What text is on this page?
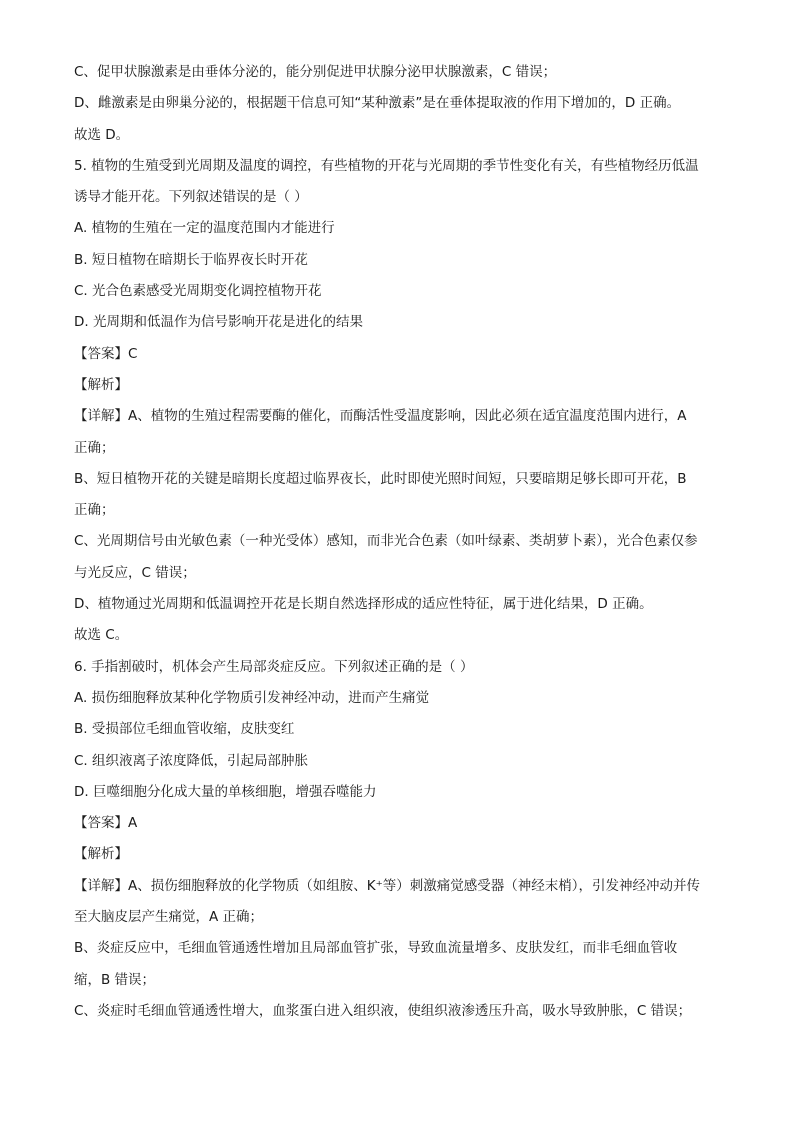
C、促甲状腺激素是由垂体分泌的，能分别促进甲状腺分泌甲状腺激素，C 错误；
D、雌激素是由卵巢分泌的，根据题干信息可知“某种激素”是在垂体提取液的作用下增加的，D 正确。
故选 D。
5. 植物的生殖受到光周期及温度的调控，有些植物的开花与光周期的季节性变化有关，有些植物经历低温
诱导才能开花。下列叙述错误的是（ ）
A. 植物的生殖在一定的温度范围内才能进行
B. 短日植物在暗期长于临界夜长时开花
C. 光合色素感受光周期变化调控植物开花
D. 光周期和低温作为信号影响开花是进化的结果
【答案】C
【解析】
【详解】A、植物的生殖过程需要酶的催化，而酶活性受温度影响，因此必须在适宜温度范围内进行，A
正确；
B、短日植物开花的关键是暗期长度超过临界夜长，此时即使光照时间短，只要暗期足够长即可开花，B
正确；
C、光周期信号由光敏色素（一种光受体）感知，而非光合色素（如叶绿素、类胡萝卜素），光合色素仅参
与光反应，C 错误；
D、植物通过光周期和低温调控开花是长期自然选择形成的适应性特征，属于进化结果，D 正确。
故选 C。
6. 手指割破时，机体会产生局部炎症反应。下列叙述正确的是（ ）
A. 损伤细胞释放某种化学物质引发神经冲动，进而产生痛觉
B. 受损部位毛细血管收缩，皮肤变红
C. 组织液离子浓度降低，引起局部肿胀
D. 巨噬细胞分化成大量的单核细胞，增强吞噬能力
【答案】A
【解析】
【详解】A、损伤细胞释放的化学物质（如组胺、K⁺等）刺激痛觉感受器（神经末梢），引发神经冲动并传
至大脑皮层产生痛觉，A 正确；
B、炎症反应中，毛细血管通透性增加且局部血管扩张，导致血流量增多、皮肤发红，而非毛细血管收
缩，B 错误；
C、炎症时毛细血管通透性增大，血浆蛋白进入组织液，使组织液渗透压升高，吸水导致肿胀，C 错误；
